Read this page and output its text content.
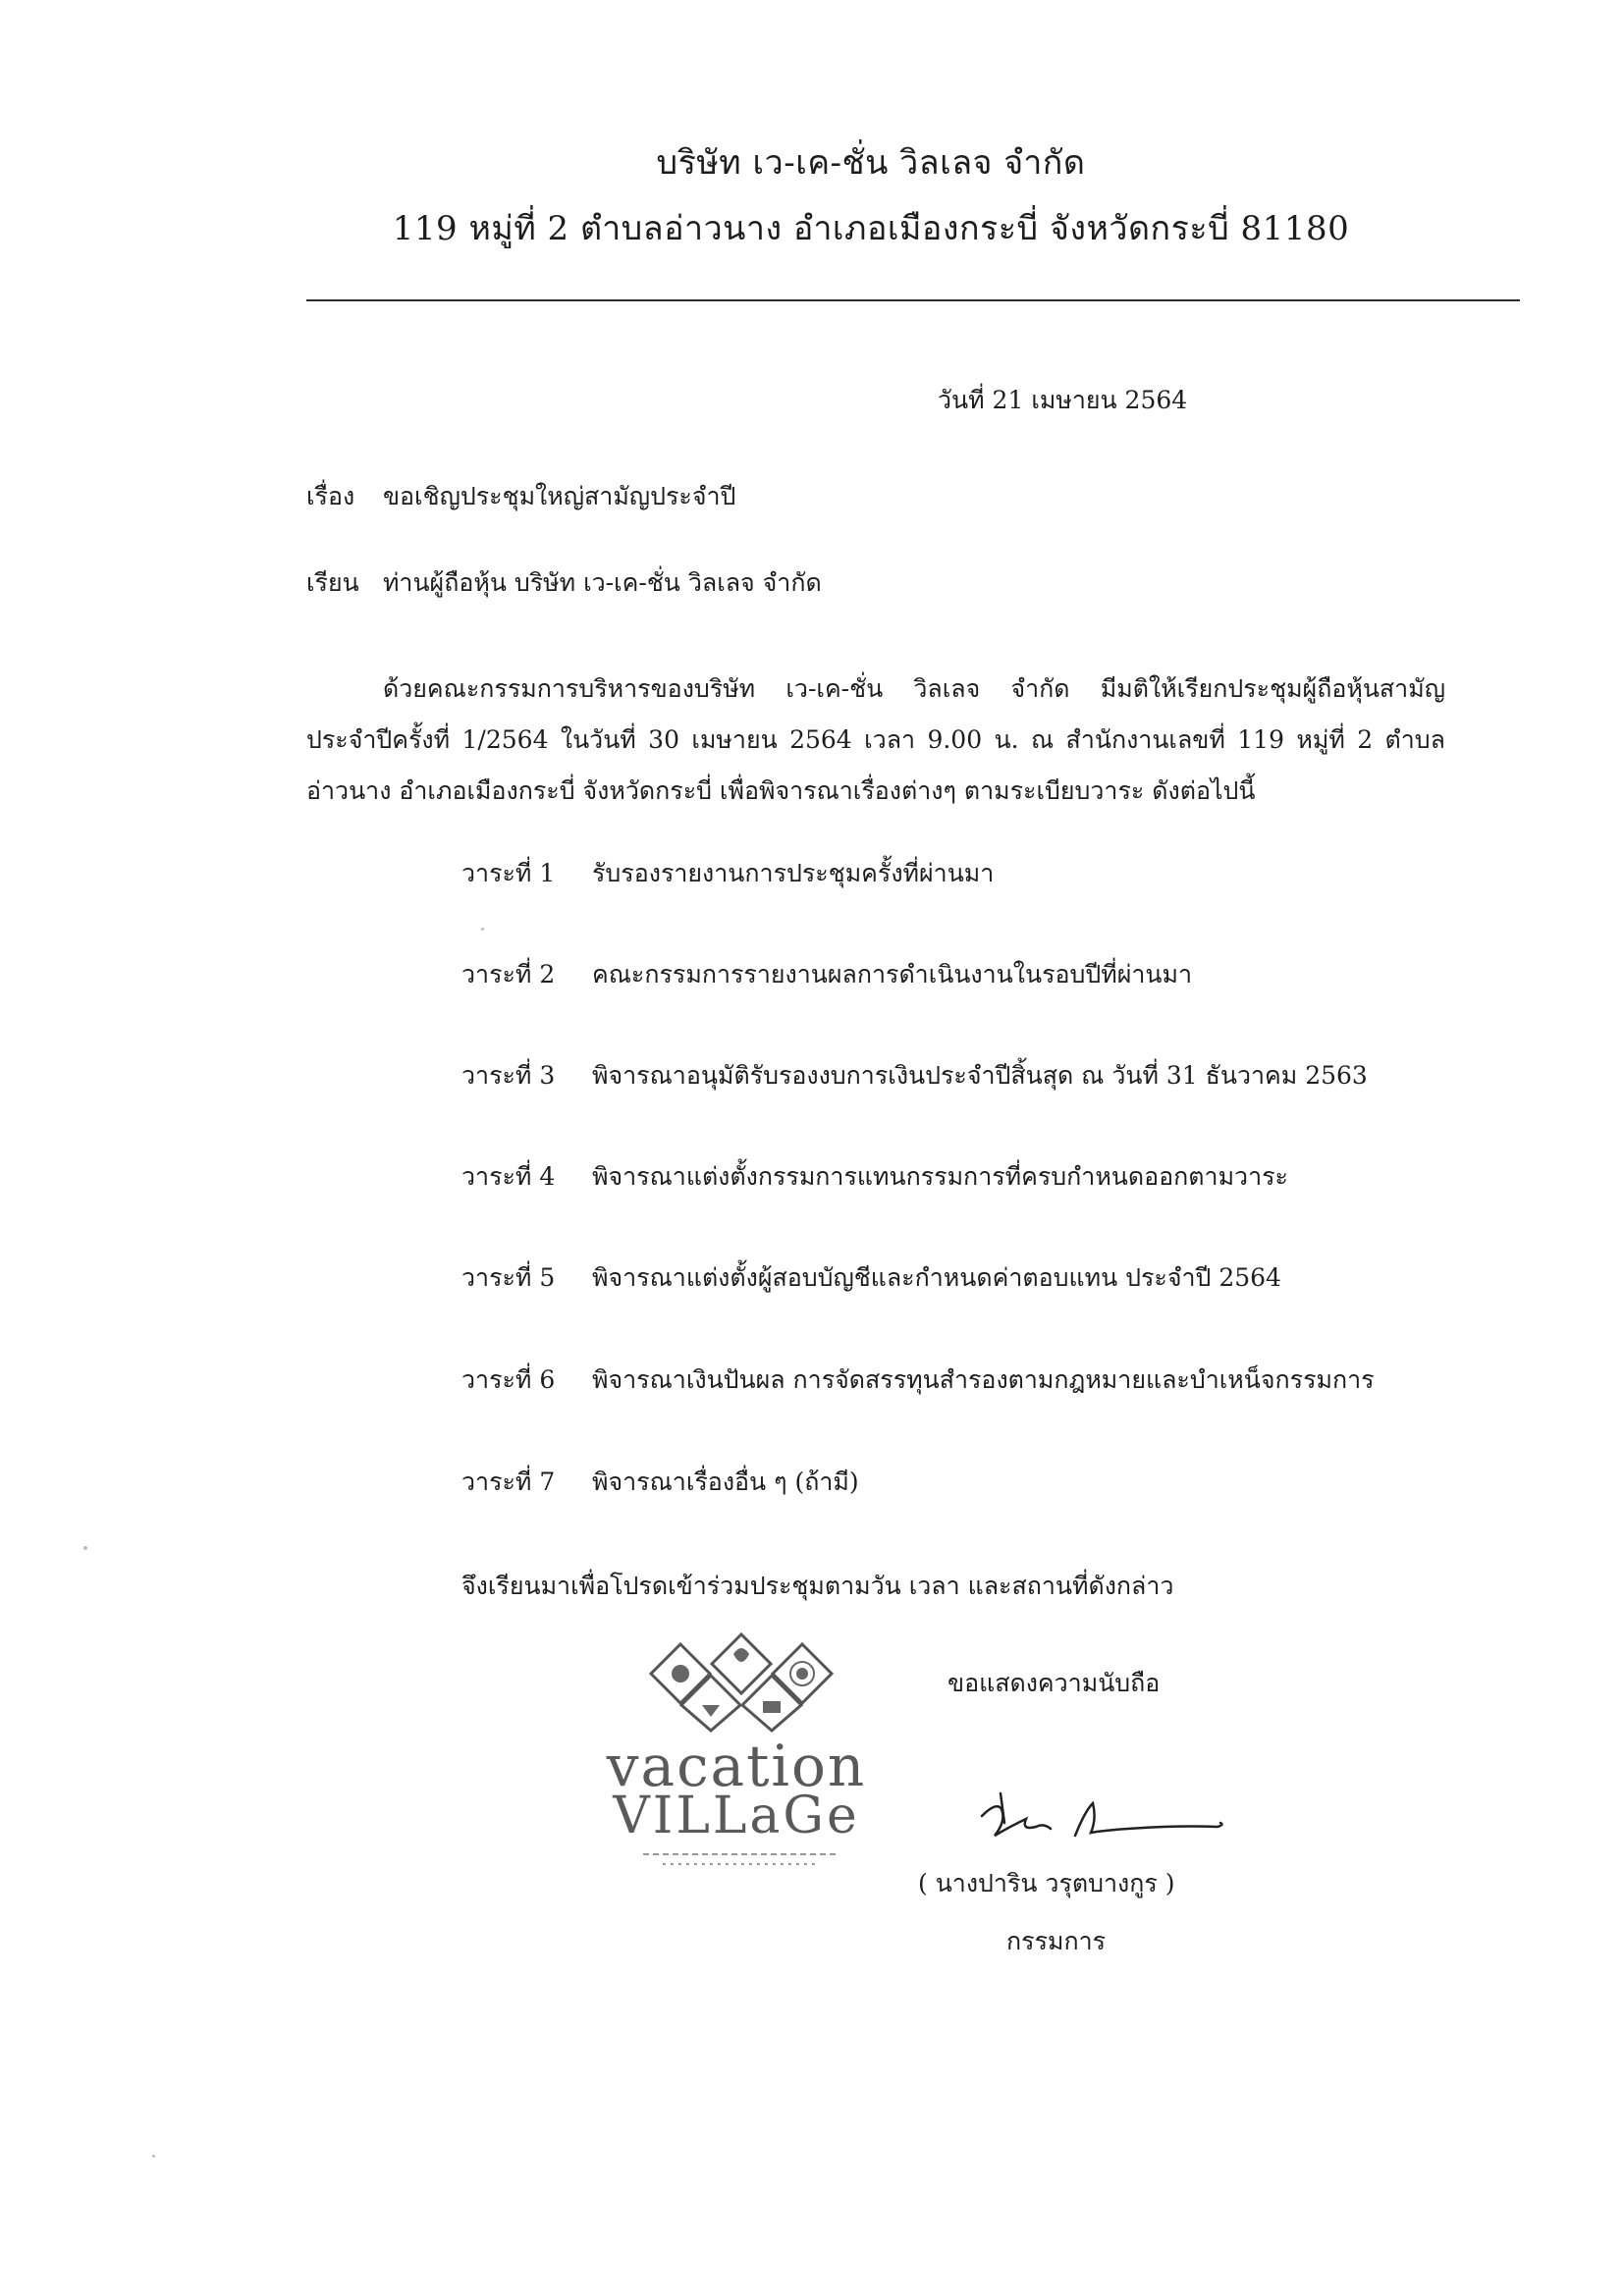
บริษัท เว-เค-ชั่น วิลเลจ จำกัด
119 หมู่ที่ 2 ตำบลอ่าวนาง อำเภอเมืองกระบี่ จังหวัดกระบี่ 81180
วันที่ 21 เมษายน 2564
เรื่อง ขอเชิญประชุมใหญ่สามัญประจำปี
เรียน ท่านผู้ถือหุ้น บริษัท เว-เค-ชั่น วิลเลจ จำกัด
ด้วยคณะกรรมการบริหารของบริษัท เว-เค-ชั่น วิลเลจ จำกัด มีมติให้เรียกประชุมผู้ถือหุ้นสามัญ
ประจำปีครั้งที่ 1/2564 ในวันที่ 30 เมษายน 2564 เวลา 9.00 น. ณ สำนักงานเลขที่ 119 หมู่ที่ 2 ตำบล
อ่าวนาง อำเภอเมืองกระบี่ จังหวัดกระบี่ เพื่อพิจารณาเรื่องต่างๆ ตามระเบียบวาระ ดังต่อไปนี้
วาระที่ 1 รับรองรายงานการประชุมครั้งที่ผ่านมา
วาระที่ 2 คณะกรรมการรายงานผลการดำเนินงานในรอบปีที่ผ่านมา
วาระที่ 3 พิจารณาอนุมัติรับรองงบการเงินประจำปีสิ้นสุด ณ วันที่ 31 ธันวาคม 2563
วาระที่ 4 พิจารณาแต่งตั้งกรรมการแทนกรรมการที่ครบกำหนดออกตามวาระ
วาระที่ 5 พิจารณาแต่งตั้งผู้สอบบัญชีและกำหนดค่าตอบแทน ประจำปี 2564
วาระที่ 6 พิจารณาเงินปันผล การจัดสรรทุนสำรองตามกฎหมายและบำเหน็จกรรมการ
วาระที่ 7 พิจารณาเรื่องอื่น ๆ (ถ้ามี)
จึงเรียนมาเพื่อโปรดเข้าร่วมประชุมตามวัน เวลา และสถานที่ดังกล่าว
vacation
VILLaGe
ขอแสดงความนับถือ
( นางปาริน วรุตบางกูร )
กรรมการ
